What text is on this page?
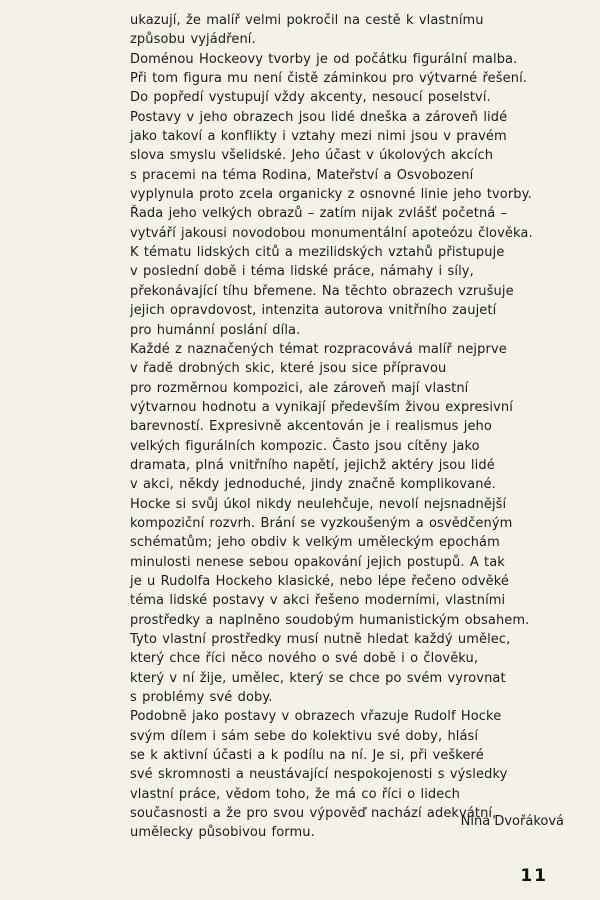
ukazují, že malíř velmi pokročil na cestě k vlastnímu
způsobu vyjádření.
Doménou Hockeovy tvorby je od počátku figurální malba.
Při tom figura mu není čistě záminkou pro výtvarné řešení.
Do popředí vystupují vždy akcenty, nesoucí poselství.
Postavy v jeho obrazech jsou lidé dneška a zároveň lidé
jako takoví a konflikty i vztahy mezi nimi jsou v pravém
slova smyslu všelidské. Jeho účast v úkolových akcích
s pracemi na téma Rodina, Mateřství a Osvobození
vyplynula proto zcela organicky z osnovné linie jeho tvorby.
Řada jeho velkých obrazů – zatím nijak zvlášť početná –
vytváří jakousi novodobou monumentální apoteózu člověka.
K tématu lidských citů a mezilidských vztahů přistupuje
v poslední době i téma lidské práce, námahy i síly,
překonávající tíhu břemene. Na těchto obrazech vzrušuje
jejich opravdovost, intenzita autorova vnitřního zaujetí
pro humánní poslání díla.
Každé z naznačených témat rozpracovává malíř nejprve
v řadě drobných skic, které jsou sice přípravou
pro rozměrnou kompozici, ale zároveň mají vlastní
výtvarnou hodnotu a vynikají především živou expresivní
barevností. Expresivně akcentován je i realismus jeho
velkých figurálních kompozic. Často jsou cítěny jako
dramata, plná vnitřního napětí, jejichž aktéry jsou lidé
v akci, někdy jednoduché, jindy značně komplikované.
Hocke si svůj úkol nikdy neulehčuje, nevolí nejsnadnější
kompoziční rozvrh. Brání se vyzkoušeným a osvědčeným
schématům; jeho obdiv k velkým uměleckým epochám
minulosti nenese sebou opakování jejich postupů. A tak
je u Rudolfa Hockeho klasické, nebo lépe řečeno odvěké
téma lidské postavy v akci řešeno moderními, vlastními
prostředky a naplněno soudobým humanistickým obsahem.
Tyto vlastní prostředky musí nutně hledat každý umělec,
který chce říci něco nového o své době i o člověku,
který v ní žije, umělec, který se chce po svém vyrovnat
s problémy své doby.
Podobně jako postavy v obrazech vřazuje Rudolf Hocke
svým dílem i sám sebe do kolektivu své doby, hlásí
se k aktivní účasti a k podílu na ní. Je si, při veškeré
své skromnosti a neustávající nespokojenosti s výsledky
vlastní práce, vědom toho, že má co říci o lidech
současnosti a že pro svou výpověď nachází adekvátní,
umělecky působivou formu.
Nina Dvořáková
11
